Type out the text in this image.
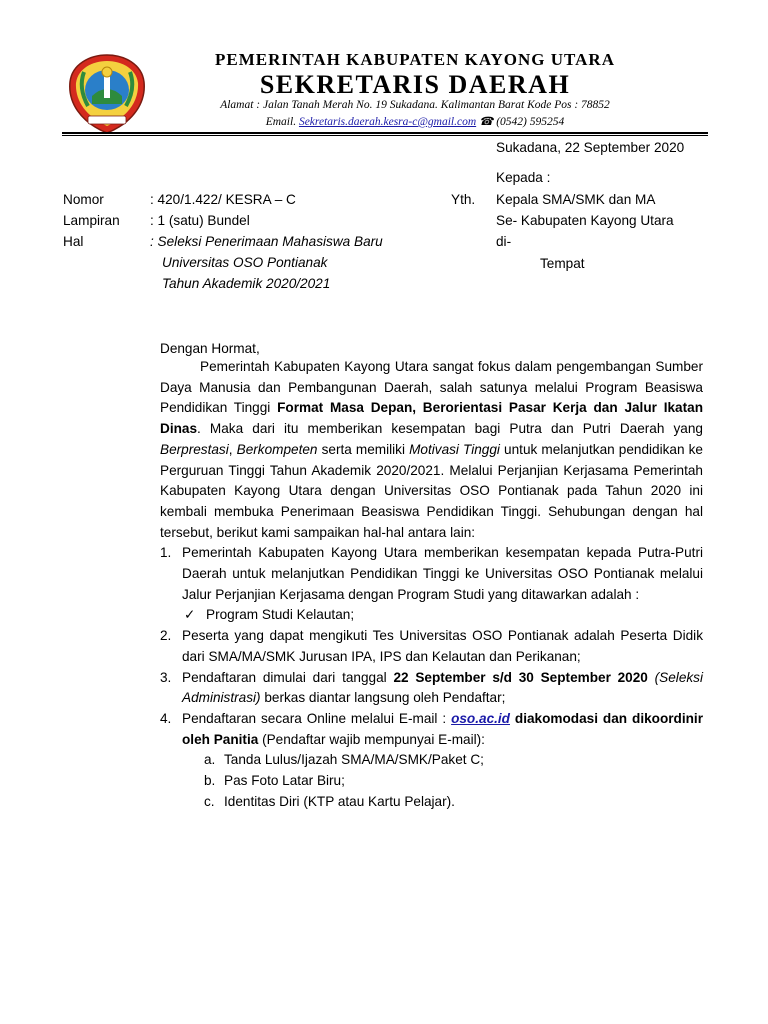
PEMERINTAH KABUPATEN KAYONG UTARA
SEKRETARIS DAERAH
Alamat : Jalan Tanah Merah No. 19 Sukadana. Kalimantan Barat Kode Pos : 78852
Email. Sekretaris.daerah.kesra-c@gmail.com ☎ (0542) 595254
Sukadana, 22 September 2020
Kepada :
Yth. Kepala SMA/SMK dan MA
Se- Kabupaten Kayong Utara
di-
Tempat
Nomor	: 420/1.422/ KESRA – C
Lampiran : 1 (satu) Bundel
Hal	: Seleksi Penerimaan Mahasiswa Baru
Universitas OSO Pontianak
Tahun Akademik 2020/2021
Dengan Hormat,

Pemerintah Kabupaten Kayong Utara sangat fokus dalam pengembangan Sumber Daya Manusia dan Pembangunan Daerah, salah satunya melalui Program Beasiswa Pendidikan Tinggi Format Masa Depan, Berorientasi Pasar Kerja dan Jalur Ikatan Dinas. Maka dari itu memberikan kesempatan bagi Putra dan Putri Daerah yang Berprestasi, Berkompeten serta memiliki Motivasi Tinggi untuk melanjutkan pendidikan ke Perguruan Tinggi Tahun Akademik 2020/2021. Melalui Perjanjian Kerjasama Pemerintah Kabupaten Kayong Utara dengan Universitas OSO Pontianak pada Tahun 2020 ini kembali membuka Penerimaan Beasiswa Pendidikan Tinggi. Sehubungan dengan hal tersebut, berikut kami sampaikan hal-hal antara lain:

1. Pemerintah Kabupaten Kayong Utara memberikan kesempatan kepada Putra-Putri Daerah untuk melanjutkan Pendidikan Tinggi ke Universitas OSO Pontianak melalui Jalur Perjanjian Kerjasama dengan Program Studi yang ditawarkan adalah :
✓ Program Studi Kelautan;
2. Peserta yang dapat mengikuti Tes Universitas OSO Pontianak adalah Peserta Didik dari SMA/MA/SMK Jurusan IPA, IPS dan Kelautan dan Perikanan;
3. Pendaftaran dimulai dari tanggal 22 September s/d 30 September 2020 (Seleksi Administrasi) berkas diantar langsung oleh Pendaftar;
4. Pendaftaran secara Online melalui E-mail : oso.ac.id diakomodasi dan dikoordinir oleh Panitia (Pendaftar wajib mempunyai E-mail):
a. Tanda Lulus/Ijazah SMA/MA/SMK/Paket C;
b. Pas Foto Latar Biru;
c. Identitas Diri (KTP atau Kartu Pelajar).
